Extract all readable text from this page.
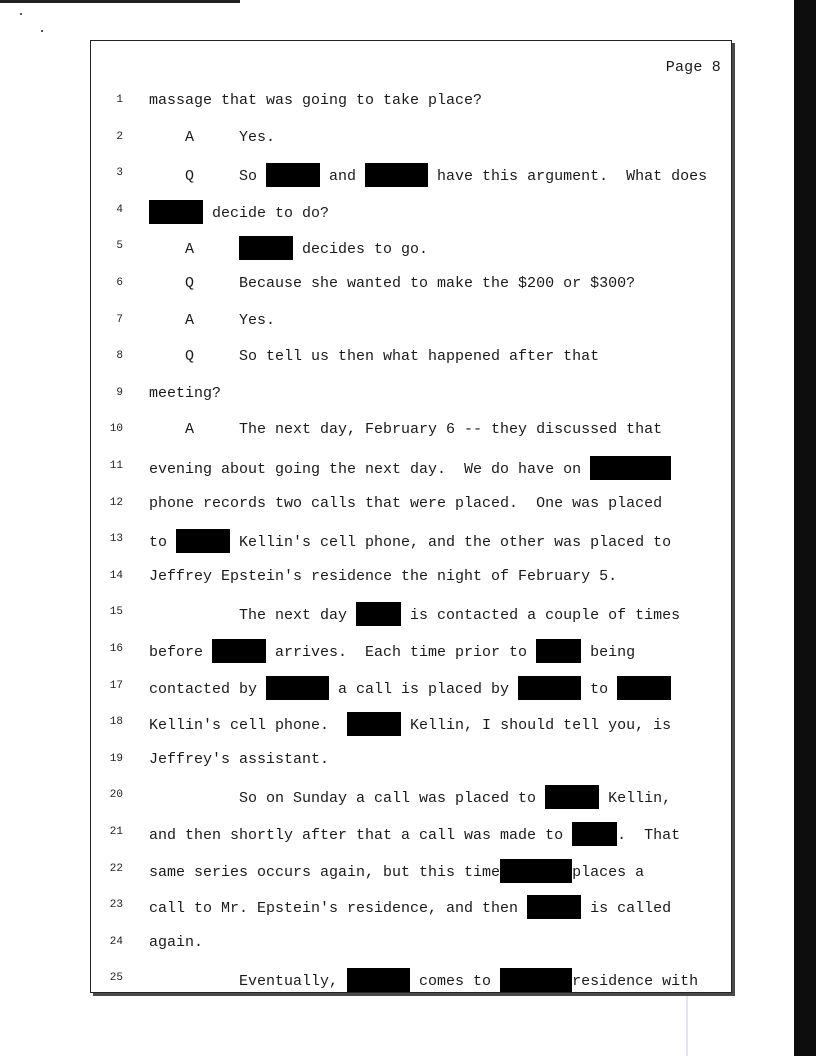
Page 8
1 massage that was going to take place?
2 A     Yes.
3 Q     So	and	have this argument.  What does
4	decide to do?
5 A	decides to go.
6 Q     Because she wanted to make the $200 or $300?
7 A     Yes.
8 Q     So tell us then what happened after that
9 meeting?
10 A     The next day, February 6 -- they discussed that
11 evening about going the next day.  We do have on
12 phone records two calls that were placed.  One was placed
13 to	Kellin's cell phone, and the other was placed to
14 Jeffrey Epstein's residence the night of February 5.
15 The next day	is contacted a couple of times
16 before	arrives.  Each time prior to	being
17 contacted by	a call is placed by	to
18 Kellin's cell phone.	Kellin, I should tell you, is
19 Jeffrey's assistant.
20 So on Sunday a call was placed to	Kellin,
21 and then shortly after that a call was made to	.  That
22 same series occurs again, but this time	places a
23 call to Mr. Epstein's residence, and then	is called
24 again.
25 Eventually,	comes to	residence with
